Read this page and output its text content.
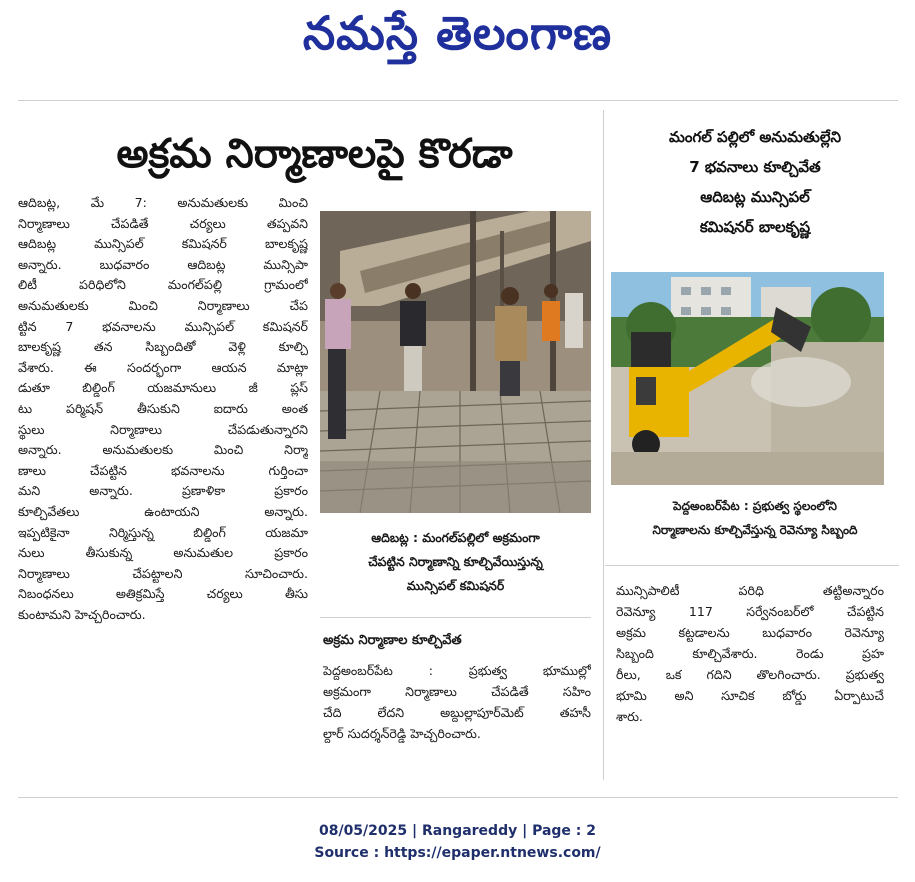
నమస్తే తెలంగాణ
అక్రమ నిర్మాణాలపై కొరడా	మంగల్ పల్లిలో అనుమతుల్లేని
7 భవనాలు కూల్చివేత
ఆదిబట్ల మున్సిపల్
కమిషనర్ బాలకృష్ణ
ఆదిబట్ల, మే 7: అనుమతులకు మించి
నిర్మాణాలు చేపడితే చర్యలు తప్పవని
ఆదిబట్ల మున్సిపల్ కమిషనర్ బాలకృష్ణ
అన్నారు. బుధవారం ఆదిబట్ల మున్సిపా
లిటీ పరిధిలోని మంగల్‌పల్లి గ్రామంలో
అనుమతులకు మించి నిర్మాణాలు చేప
ట్టిన 7 భవనాలను మున్సిపల్ కమిషనర్
బాలకృష్ణ తన సిబ్బందితో వెళ్లి కూల్చి
వేశారు. ఈ సందర్భంగా ఆయన మాట్లా
డుతూ బిల్డింగ్ యజమానులు జీ ప్లస్
టు పర్మిషన్ తీసుకుని ఐదారు అంత
స్థులు నిర్మాణాలు చేపడుతున్నారని
అన్నారు. అనుమతులకు మించి నిర్మా
ణాలు చేపట్టిన భవనాలను గుర్తించా
మని అన్నారు. ప్రణాళికా ప్రకారం
కూల్చివేతలు ఉంటాయని అన్నారు.
ఇప్పటికైనా నిర్మిస్తున్న బిల్డింగ్ యజమా
నులు తీసుకున్న అనుమతుల ప్రకారం
నిర్మాణాలు చేపట్టాలని సూచించారు.
నిబంధనలు అతిక్రమిస్తే చర్యలు తీసు
కుంటామని హెచ్చరించారు.
ఆదిబట్ల : మంగల్‌పల్లిలో అక్రమంగా
చేపట్టిన నిర్మాణాన్ని కూల్చివేయిస్తున్న
మున్సిపల్ కమిషనర్
అక్రమ నిర్మాణాల కూల్చివేత
పెద్దఅంబర్‌పేట : ప్రభుత్వ భూముల్లో
అక్రమంగా నిర్మాణాలు చేపడితే సహిం
చేది లేదని అబ్దుల్లాపూర్‌మెట్ తహసీ
ల్దార్ సుదర్శన్‌రెడ్డి హెచ్చరించారు.
పెద్దఅంబర్‌పేట : ప్రభుత్వ స్థలంలోని
నిర్మాణాలను కూల్చివేస్తున్న రెవెన్యూ సిబ్బంది
మున్సిపాలిటీ పరిధి తట్టిఅన్నారం
రెవెన్యూ 117 సర్వేనంబర్‌లో చేపట్టిన
అక్రమ కట్టడాలను బుధవారం రెవెన్యూ
సిబ్బంది కూల్చివేశారు. రెండు ప్రహ
రీలు, ఒక గదిని తొలగించారు. ప్రభుత్వ
భూమి అని సూచిక బోర్డు ఏర్పాటుచే
శారు.
08/05/2025 | Rangareddy | Page : 2
Source : https://epaper.ntnews.com/
